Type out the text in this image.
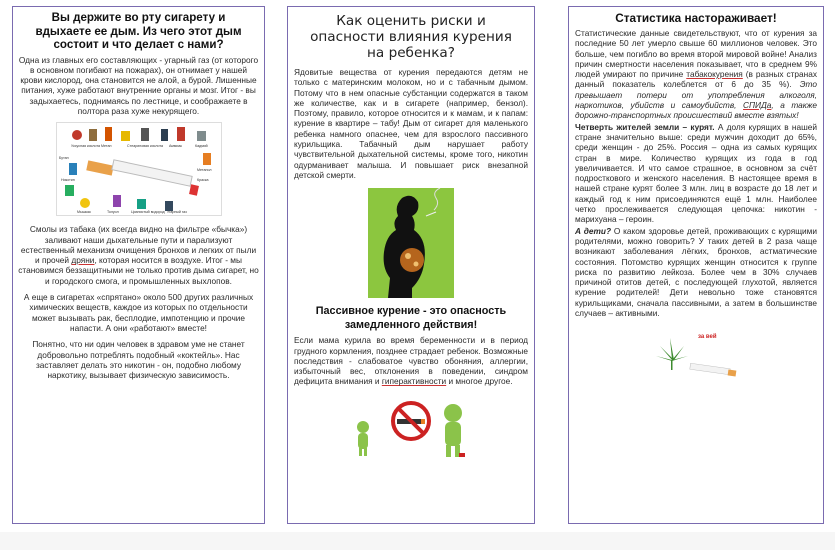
Вы держите во рту сигарету и вдыхаете ее дым. Из чего этот дым состоит и что делает с нами?

Одна из главных его составляющих - угарный газ (от которого в основном погибают на пожарах), он отнимает у нашей крови кислород, она становится не алой, а бурой. Лишенные питания, хуже работают внутренние органы и мозг. Итог - вы задыхаетесь, поднимаясь по лестнице, и соображаете в полтора раза хуже некурящего.

Уксусная кислота Метан	Стеариновая кислота Аммиак	Кадмий
Бутан
Метанол
Краска
Никотин
Мышьяк	Толуол	Цианистый водород Угарный газ

Смолы из табака (их всегда видно на фильтре «бычка») заливают наши дыхательные пути и парализуют естественный механизм очищения бронхов и легких от пыли и прочей дряни, которая носится в воздухе. Итог - мы становимся беззащитными не только против дыма сигарет, но и городского смога, и промышленных выхлопов.

А еще в сигаретах «спрятано» около 500 других различных химических веществ, каждое из которых по отдельности может вызывать рак, бесплодие, импотенцию и прочие напасти. А они «работают» вместе!

Понятно, что ни один человек в здравом уме не станет добровольно потреблять подобный «коктейль». Нас заставляет делать это никотин - он, подобно любому наркотику, вызывает физическую зависимость.

Как оценить риски и опасности влияния курения на ребенка?

Ядовитые вещества от курения передаются детям не только с материнским молоком, но и с табачным дымом. Потому что в нем опасные субстанции содержатся в таком же количестве, как и в сигарете (например, бензол). Поэтому, правило, которое относится и к мамам, и к папам: курение в квартире – табу! Дым от сигарет для маленького ребенка намного опаснее, чем для взрослого пассивного курильщика. Табачный дым нарушает работу чувствительной дыхательной системы, кроме того, никотин одурманивает малыша. И повышает риск внезапной детской смерти.

Пассивное курение - это опасность замедленного действия!

Если мама курила во время беременности и в период грудного кормления, позднее страдает ребенок. Возможные последствия - слабоватое чувство обоняния, аллергии, избыточный вес, отклонения в поведении, синдром дефицита внимания и гиперактивности и многое другое.

Статистика настораживает!

Статистические данные свидетельствуют, что от курения за последние 50 лет умерло свыше 60 миллионов человек. Это больше, чем погибло во время второй мировой войне! Анализ причин смертности населения показывает, что в среднем 9% людей умирают по причине табакокурения (в разных странах данный показатель колеблется от 6 до 35 %). Это превышает потери от употребления алкоголя, наркотиков, убийств и самоубийств, СПИДа, а также дорожно-транспортных происшествий вместе взятых!

Четверть жителей земли – курят. А доля курящих в нашей стране значительно выше: среди мужчин доходит до 65%, среди женщин - до 25%. Россия – одна из самых курящих стран в мире. Количество курящих из года в год увеличивается. И что самое страшное, в основном за счёт подросткового и женского населения. В настоящее время в нашей стране курят более 3 млн. лиц в возрасте до 18 лет и каждый год к ним присоединяются ещё 1 млн. Наиболее четко прослеживается следующая цепочка: никотин - марихуана – героин.

А дети? О каком здоровье детей, проживающих с курящими родителями, можно говорить? У таких детей в 2 раза чаще возникают заболевания лёгких, бронхов, астматические состояния. Потомство курящих женщин относится к группе риска по развитию лейкоза. Более чем в 30% случаев причиной отитов детей, с последующей глухотой, является курение родителей! Дети невольно тоже становятся курильщиками, сначала пассивными, а затем в большинстве случаев – активными.

за вей
